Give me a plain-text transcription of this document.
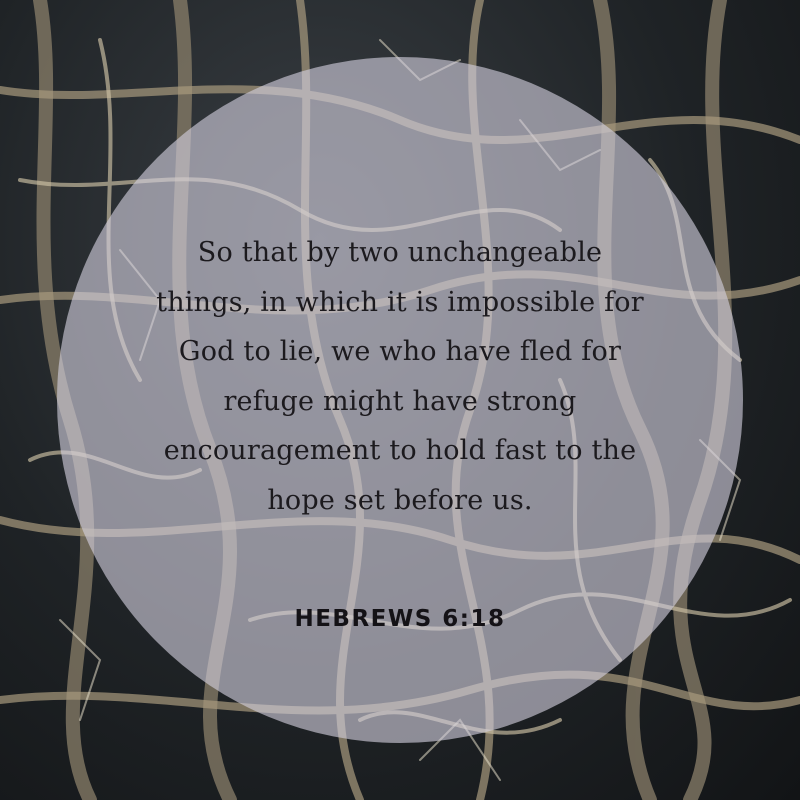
So that by two unchangeable
things, in which it is impossible for
God to lie, we who have fled for
refuge might have strong
encouragement to hold fast to the
hope set before us.

HEBREWS 6:18
